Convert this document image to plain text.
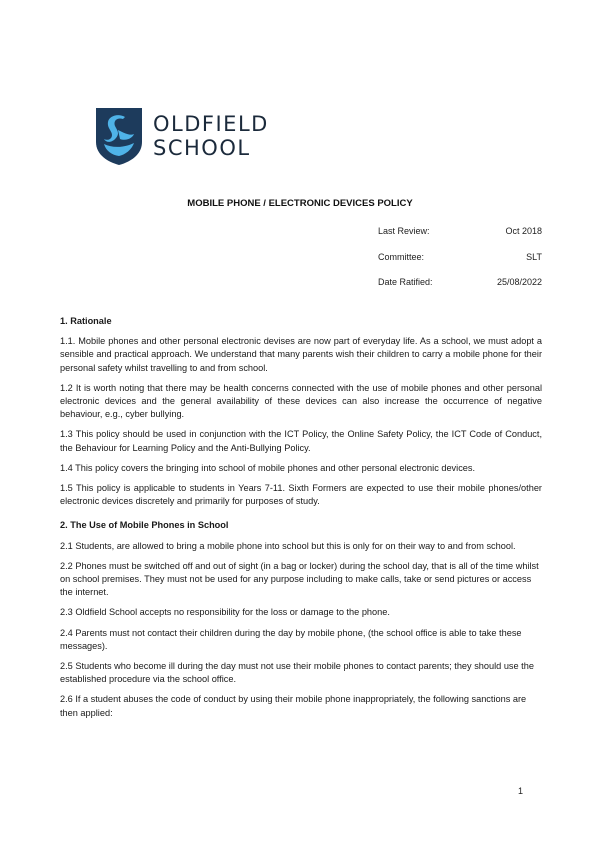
OLDFIELD
SCHOOL
MOBILE PHONE / ELECTRONIC DEVICES POLICY
Last Review:	Oct 2018
Committee:	SLT
Date Ratified:	25/08/2022

1. Rationale

1.1. Mobile phones and other personal electronic devises are now part of everyday life. As a school, we must adopt a sensible and practical approach. We understand that many parents wish their children to carry a mobile phone for their personal safety whilst travelling to and from school.

1.2 It is worth noting that there may be health concerns connected with the use of mobile phones and other personal electronic devices and the general availability of these devices can also increase the occurrence of negative behaviour, e.g., cyber bullying.

1.3 This policy should be used in conjunction with the ICT Policy, the Online Safety Policy, the ICT Code of Conduct, the Behaviour for Learning Policy and the Anti-Bullying Policy.

1.4 This policy covers the bringing into school of mobile phones and other personal electronic devices.

1.5 This policy is applicable to students in Years 7-11. Sixth Formers are expected to use their mobile phones/other electronic devices discretely and primarily for purposes of study.

2. The Use of Mobile Phones in School

2.1 Students, are allowed to bring a mobile phone into school but this is only for on their way to and from school.

2.2 Phones must be switched off and out of sight (in a bag or locker) during the school day, that is all of the time whilst on school premises. They must not be used for any purpose including to make calls, take or send pictures or access the internet.

2.3 Oldfield School accepts no responsibility for the loss or damage to the phone.

2.4 Parents must not contact their children during the day by mobile phone, (the school office is able to take these messages).

2.5 Students who become ill during the day must not use their mobile phones to contact parents; they should use the established procedure via the school office.

2.6 If a student abuses the code of conduct by using their mobile phone inappropriately, the following sanctions are then applied:

1
